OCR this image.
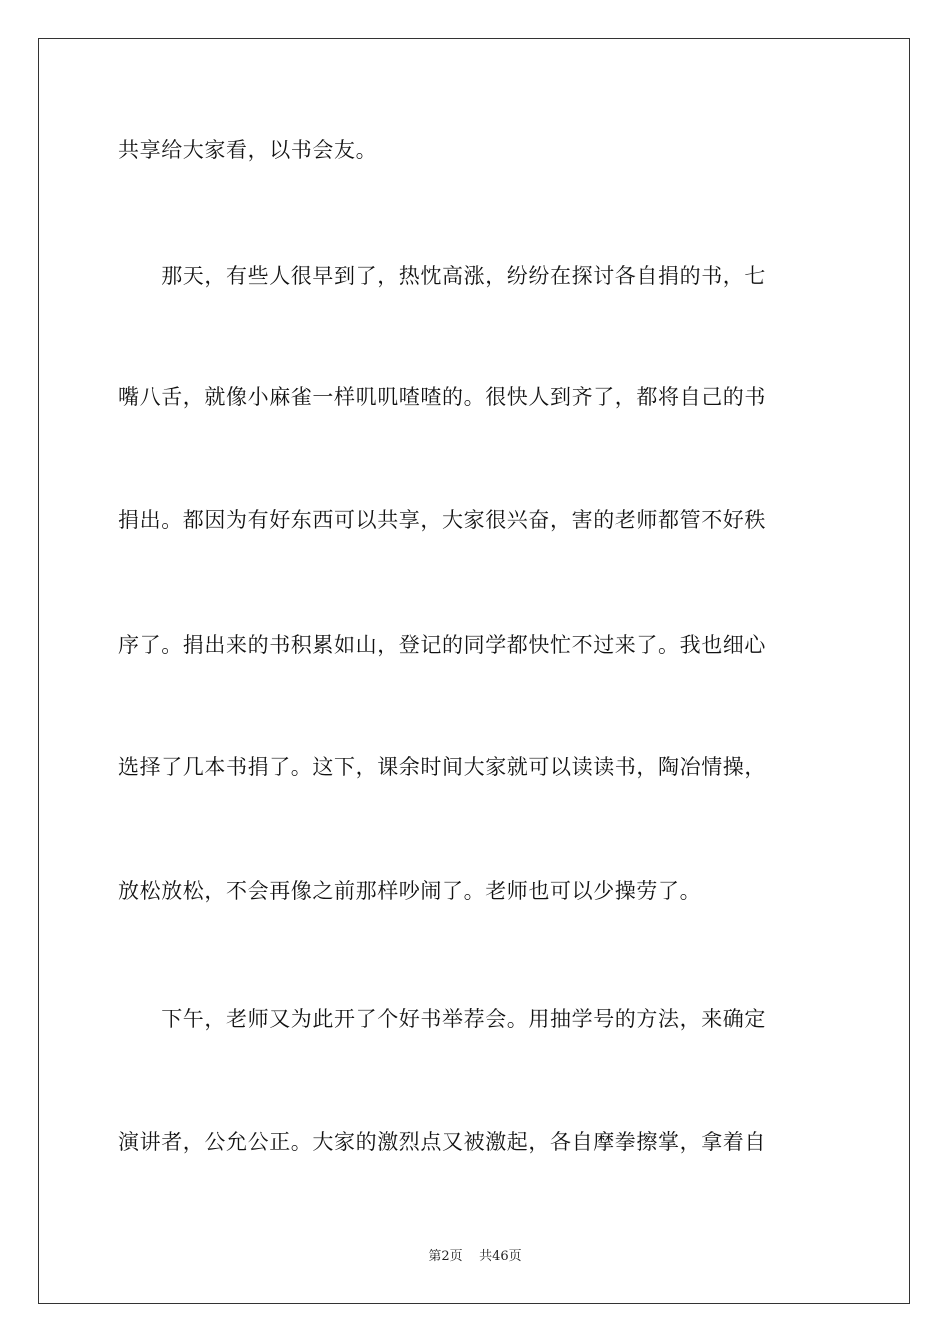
共享给大家看，以书会友。
　　那天，有些人很早到了，热忱高涨，纷纷在探讨各自捐的书，七
嘴八舌，就像小麻雀一样叽叽喳喳的。很快人到齐了，都将自己的书
捐出。都因为有好东西可以共享，大家很兴奋，害的老师都管不好秩
序了。捐出来的书积累如山，登记的同学都快忙不过来了。我也细心
选择了几本书捐了。这下，课余时间大家就可以读读书，陶冶情操，
放松放松，不会再像之前那样吵闹了。老师也可以少操劳了。
　　下午，老师又为此开了个好书举荐会。用抽学号的方法，来确定
演讲者，公允公正。大家的激烈点又被激起，各自摩拳擦掌，拿着自
第2页 共46页
